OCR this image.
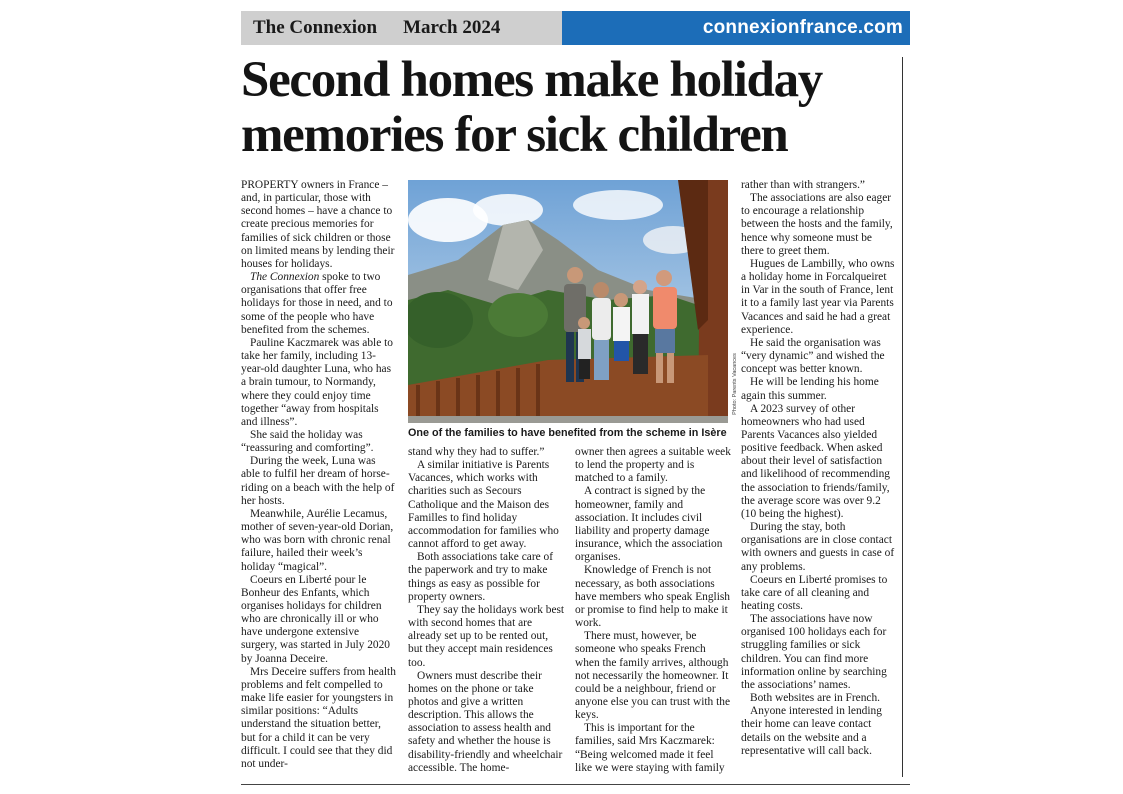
The Connexion March 2024	connexionfrance.com
Second homes make holiday
memories for sick children

PROPERTY owners in France – and, in particular, those with second homes – have a chance to create precious memories for families of sick children or those on limited means by lending their houses for holidays.

The Connexion spoke to two organisations that offer free holidays for those in need, and to some of the people who have benefited from the schemes.

Pauline Kaczmarek was able to take her family, including 13-year-old daughter Luna, who has a brain tumour, to Normandy, where they could enjoy time together “away from hospitals and illness”.

She said the holiday was “reassuring and comforting”.

During the week, Luna was able to fulfil her dream of horse-riding on a beach with the help of her hosts.

Meanwhile, Aurélie Lecamus, mother of seven-year-old Dorian, who was born with chronic renal failure, hailed their week’s holiday “magical”.

Coeurs en Liberté pour le Bonheur des Enfants, which organises holidays for children who are chronically ill or who have undergone extensive surgery, was started in July 2020 by Joanna Deceire.

Mrs Deceire suffers from health problems and felt compelled to make life easier for youngsters in similar positions: “Adults understand the situation better, but for a child it can be very difficult. I could see that they did not under-

Photo: Parents Vacances
One of the families to have benefited from the scheme in Isère

stand why they had to suffer.”

A similar initiative is Parents Vacances, which works with charities such as Secours Catholique and the Maison des Familles to find holiday accommodation for families who cannot afford to get away.

Both associations take care of the paperwork and try to make things as easy as possible for property owners.

They say the holidays work best with second homes that are already set up to be rented out, but they accept main residences too.

Owners must describe their homes on the phone or take photos and give a written description. This allows the association to assess health and safety and whether the house is disability-friendly and wheelchair accessible. The home-

owner then agrees a suitable week to lend the property and is matched to a family.

A contract is signed by the homeowner, family and association. It includes civil liability and property damage insurance, which the association organises.

Knowledge of French is not necessary, as both associations have members who speak English or promise to find help to make it work.

There must, however, be someone who speaks French when the family arrives, although not necessarily the homeowner. It could be a neighbour, friend or anyone else you can trust with the keys.

This is important for the families, said Mrs Kaczmarek: “Being welcomed made it feel like we were staying with family

rather than with strangers.”

The associations are also eager to encourage a relationship between the hosts and the family, hence why someone must be there to greet them.

Hugues de Lambilly, who owns a holiday home in Forcalqueiret in Var in the south of France, lent it to a family last year via Parents Vacances and said he had a great experience.

He said the organisation was “very dynamic” and wished the concept was better known.

He will be lending his home again this summer.

A 2023 survey of other homeowners who had used Parents Vacances also yielded positive feedback. When asked about their level of satisfaction and likelihood of recommending the association to friends/family, the average score was over 9.2 (10 being the highest).

During the stay, both organisations are in close contact with owners and guests in case of any problems.

Coeurs en Liberté promises to take care of all cleaning and heating costs.

The associations have now organised 100 holidays each for struggling families or sick children. You can find more information online by searching the associations’ names.

Both websites are in French.

Anyone interested in lending their home can leave contact details on the website and a representative will call back.
